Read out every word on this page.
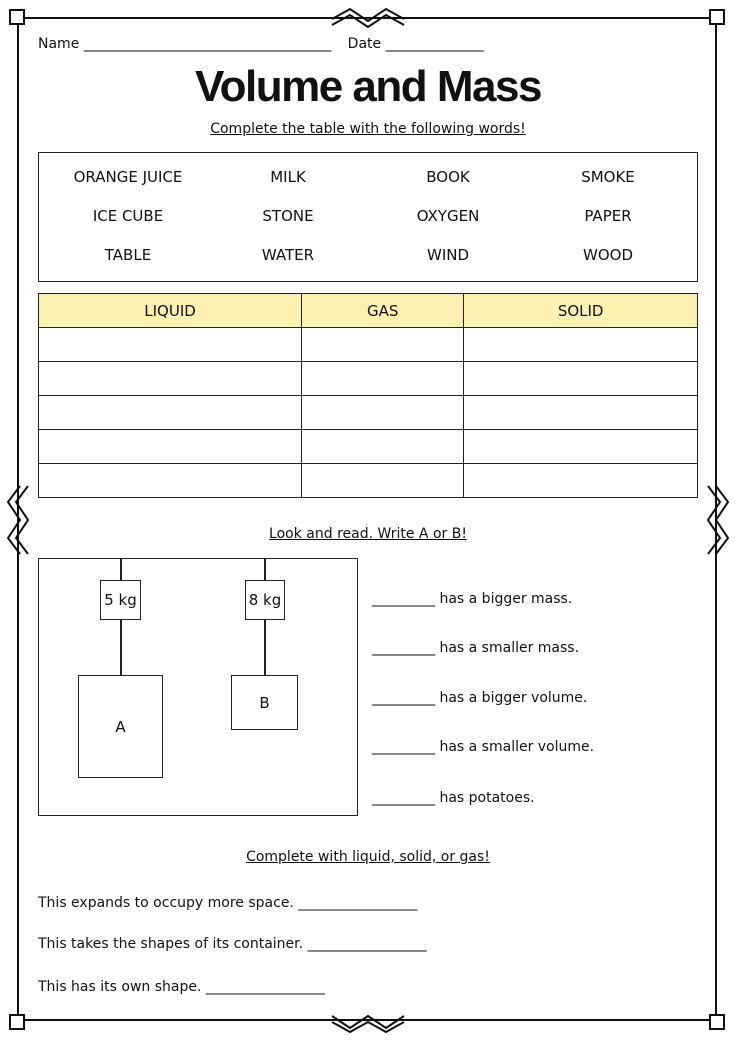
Name ______________________________________ Date _______________
Volume and Mass
Complete the table with the following words!
ORANGE JUICE	MILK	BOOK	SMOKE
ICE CUBE	STONE	OXYGEN	PAPER
TABLE	WATER	WIND	WOOD
LIQUID	GAS	SOLID

Look and read. Write A or B!
5 kg
A
8 kg
B
_________ has a bigger mass.
_________ has a smaller mass.
_________ has a bigger volume.
_________ has a smaller volume.
_________ has potatoes.
Complete with liquid, solid, or gas!
This expands to occupy more space. _________________
This takes the shapes of its container. _________________
This has its own shape. _________________
